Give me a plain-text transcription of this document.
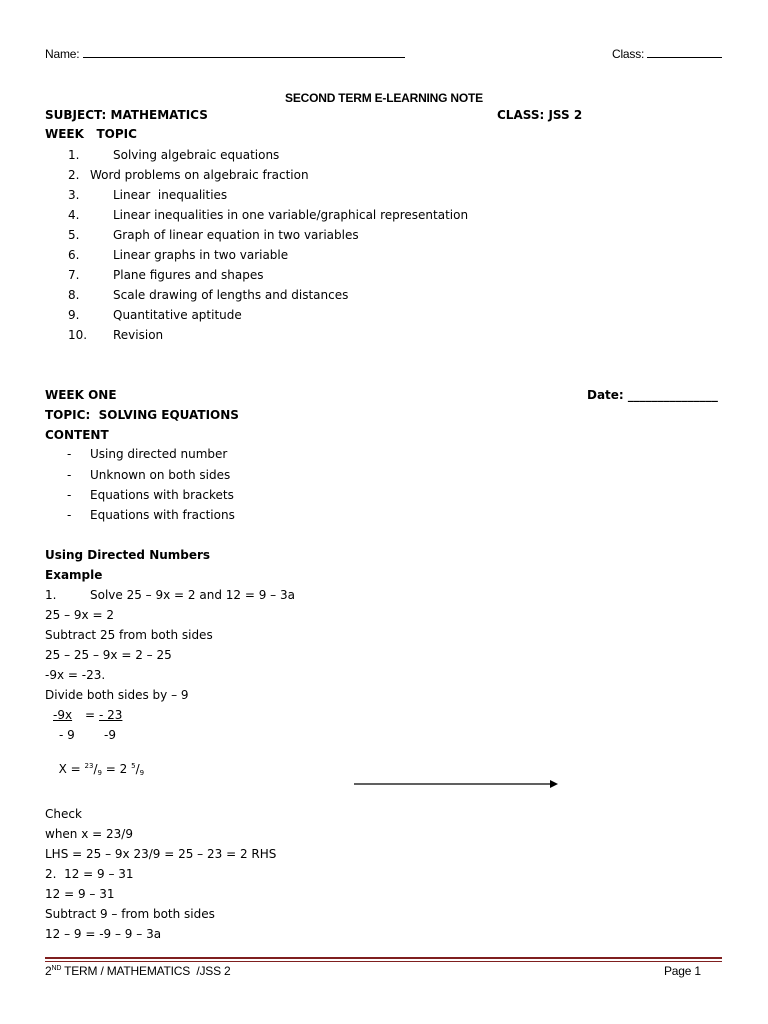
Name:	Class:
SECOND TERM E-LEARNING NOTE
SUBJECT: MATHEMATICS	CLASS: JSS 2
WEEK   TOPIC
1.	Solving algebraic equations
2. Word problems on algebraic fraction
3.	Linear  inequalities
4.	Linear inequalities in one variable/graphical representation
5.	Graph of linear equation in two variables
6.	Linear graphs in two variable
7.	Plane figures and shapes
8.	Scale drawing of lengths and distances
9.	Quantitative aptitude
10. Revision
WEEK ONE	Date: _______________
TOPIC:  SOLVING EQUATIONS
CONTENT
- Using directed number
- Unknown on both sides
- Equations with brackets
- Equations with fractions
Using Directed Numbers
Example
1.	Solve 25 – 9x = 2 and 12 = 9 – 3a
25 – 9x = 2
Subtract 25 from both sides
25 – 25 – 9x = 2 – 25
-9x = -23.
Divide both sides by – 9
-9x = - 23
- 9 -9

$X = ^{23}/_9 = 2$ $^5/_9$

Check
when x = 23/9
LHS = 25 – 9x 23/9 = 25 – 23 = 2 RHS
2.  12 = 9 – 31
12 = 9 – 31
Subtract 9 – from both sides
12 – 9 = -9 – 9 – 3a
2ND TERM / MATHEMATICS  /JSS 2	Page 1
